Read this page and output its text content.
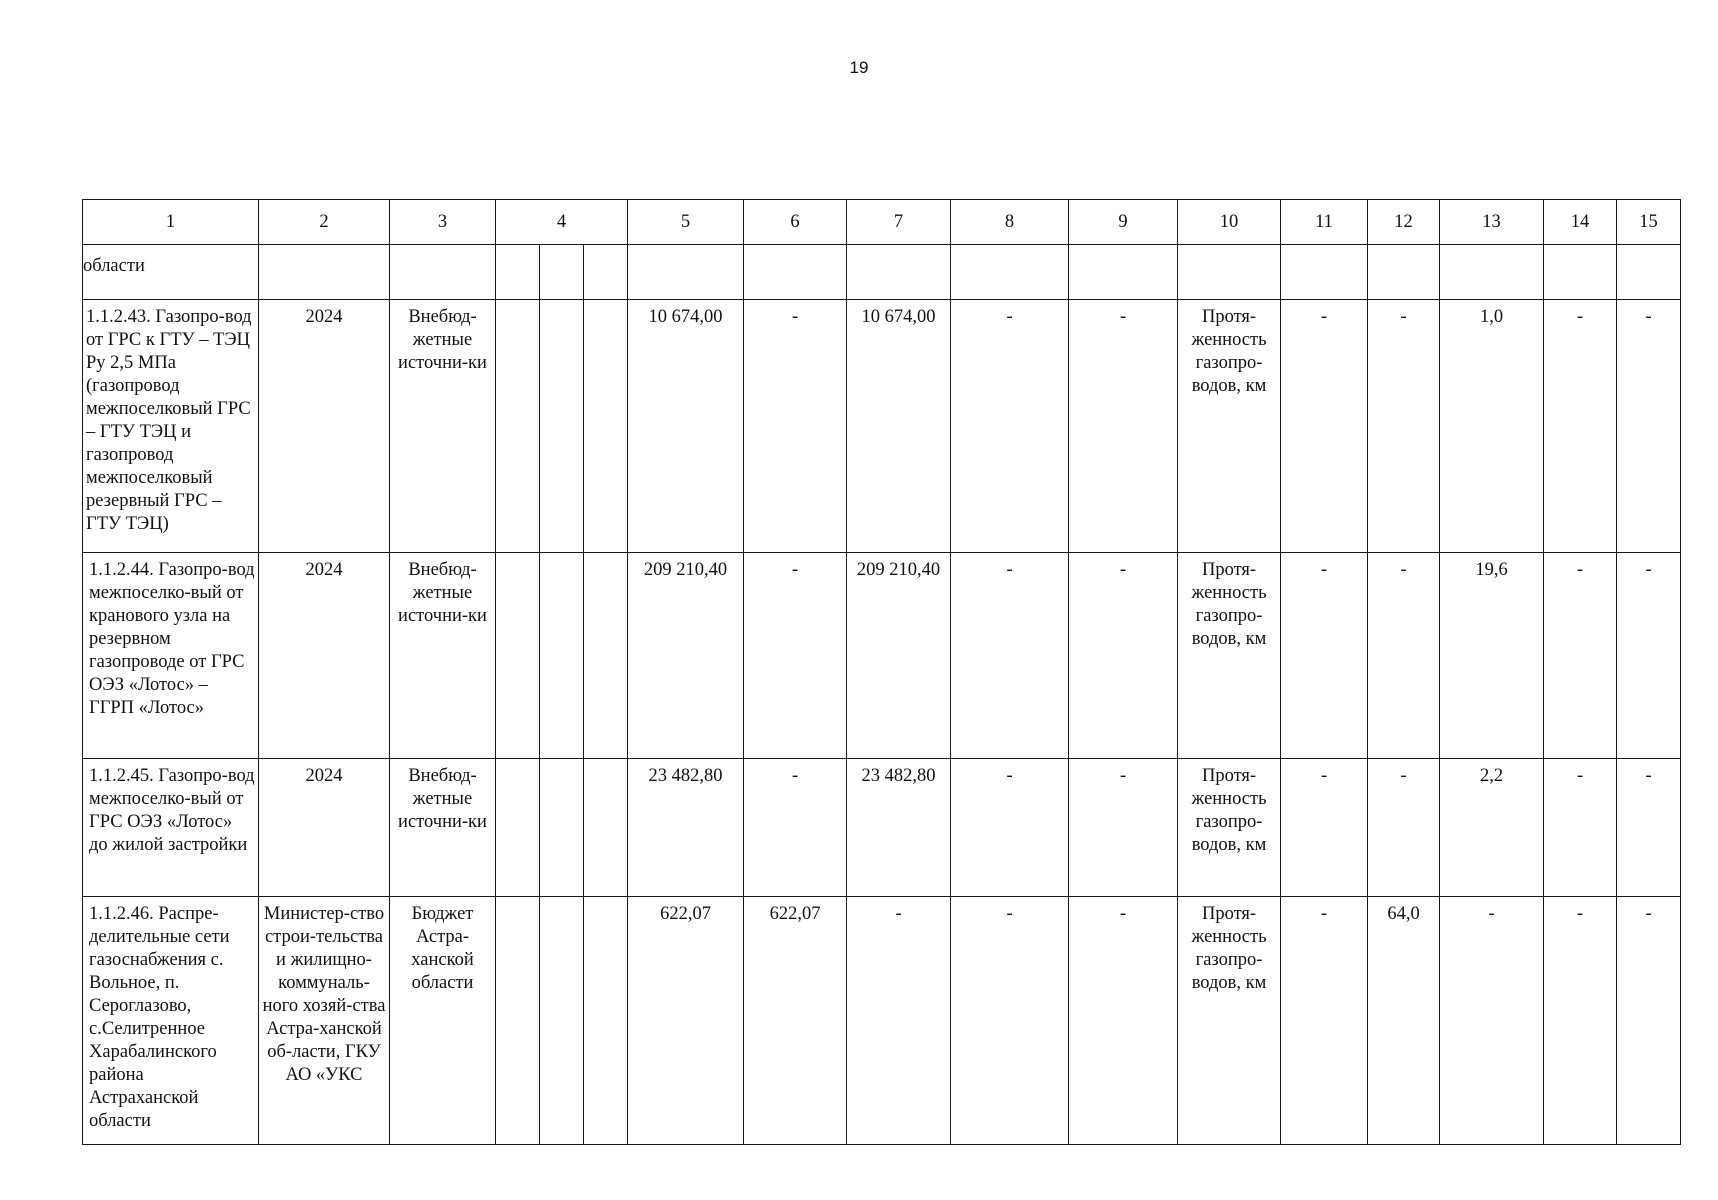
19
1	2	3	4			5	6	7	8	9	10	11	12	13	14	15
области																
1.1.2.43. Газопро-вод от ГРС к ГТУ – ТЭЦ Ру 2,5 МПа (газопровод межпоселковый ГРС – ГТУ ТЭЦ и газопровод межпоселковый резервный ГРС – ГТУ ТЭЦ)	2024	Внебюд-жетные источни-ки				10 674,00	-	10 674,00	-	-	Протя-женность газопро-водов, км	-	-	1,0	-	-
1.1.2.44. Газопро-вод межпоселко-вый от кранового узла на резервном газопроводе от ГРС ОЭЗ «Лотос» – ГГРП «Лотос»	2024	Внебюд-жетные источни-ки				209 210,40	-	209 210,40	-	-	Протя-женность газопро-водов, км	-	-	19,6	-	-
1.1.2.45. Газопро-вод межпоселко-вый от ГРС ОЭЗ «Лотос» до жилой застройки	2024	Внебюд-жетные источни-ки				23 482,80	-	23 482,80	-	-	Протя-женность газопро-водов, км	-	-	2,2	-	-
1.1.2.46. Распре-делительные сети газоснабжения с. Вольное, п. Сероглазово, с.Селитренное Харабалинского района Астраханской области	Министер-ство строи-тельства и жилищно-коммуналь-ного хозяй-ства Астра-ханской об-ласти, ГКУ АО «УКС	Бюджет Астра-ханской области				622,07	622,07	-	-	-	Протя-женность газопро-водов, км	-	64,0	-	-	-
